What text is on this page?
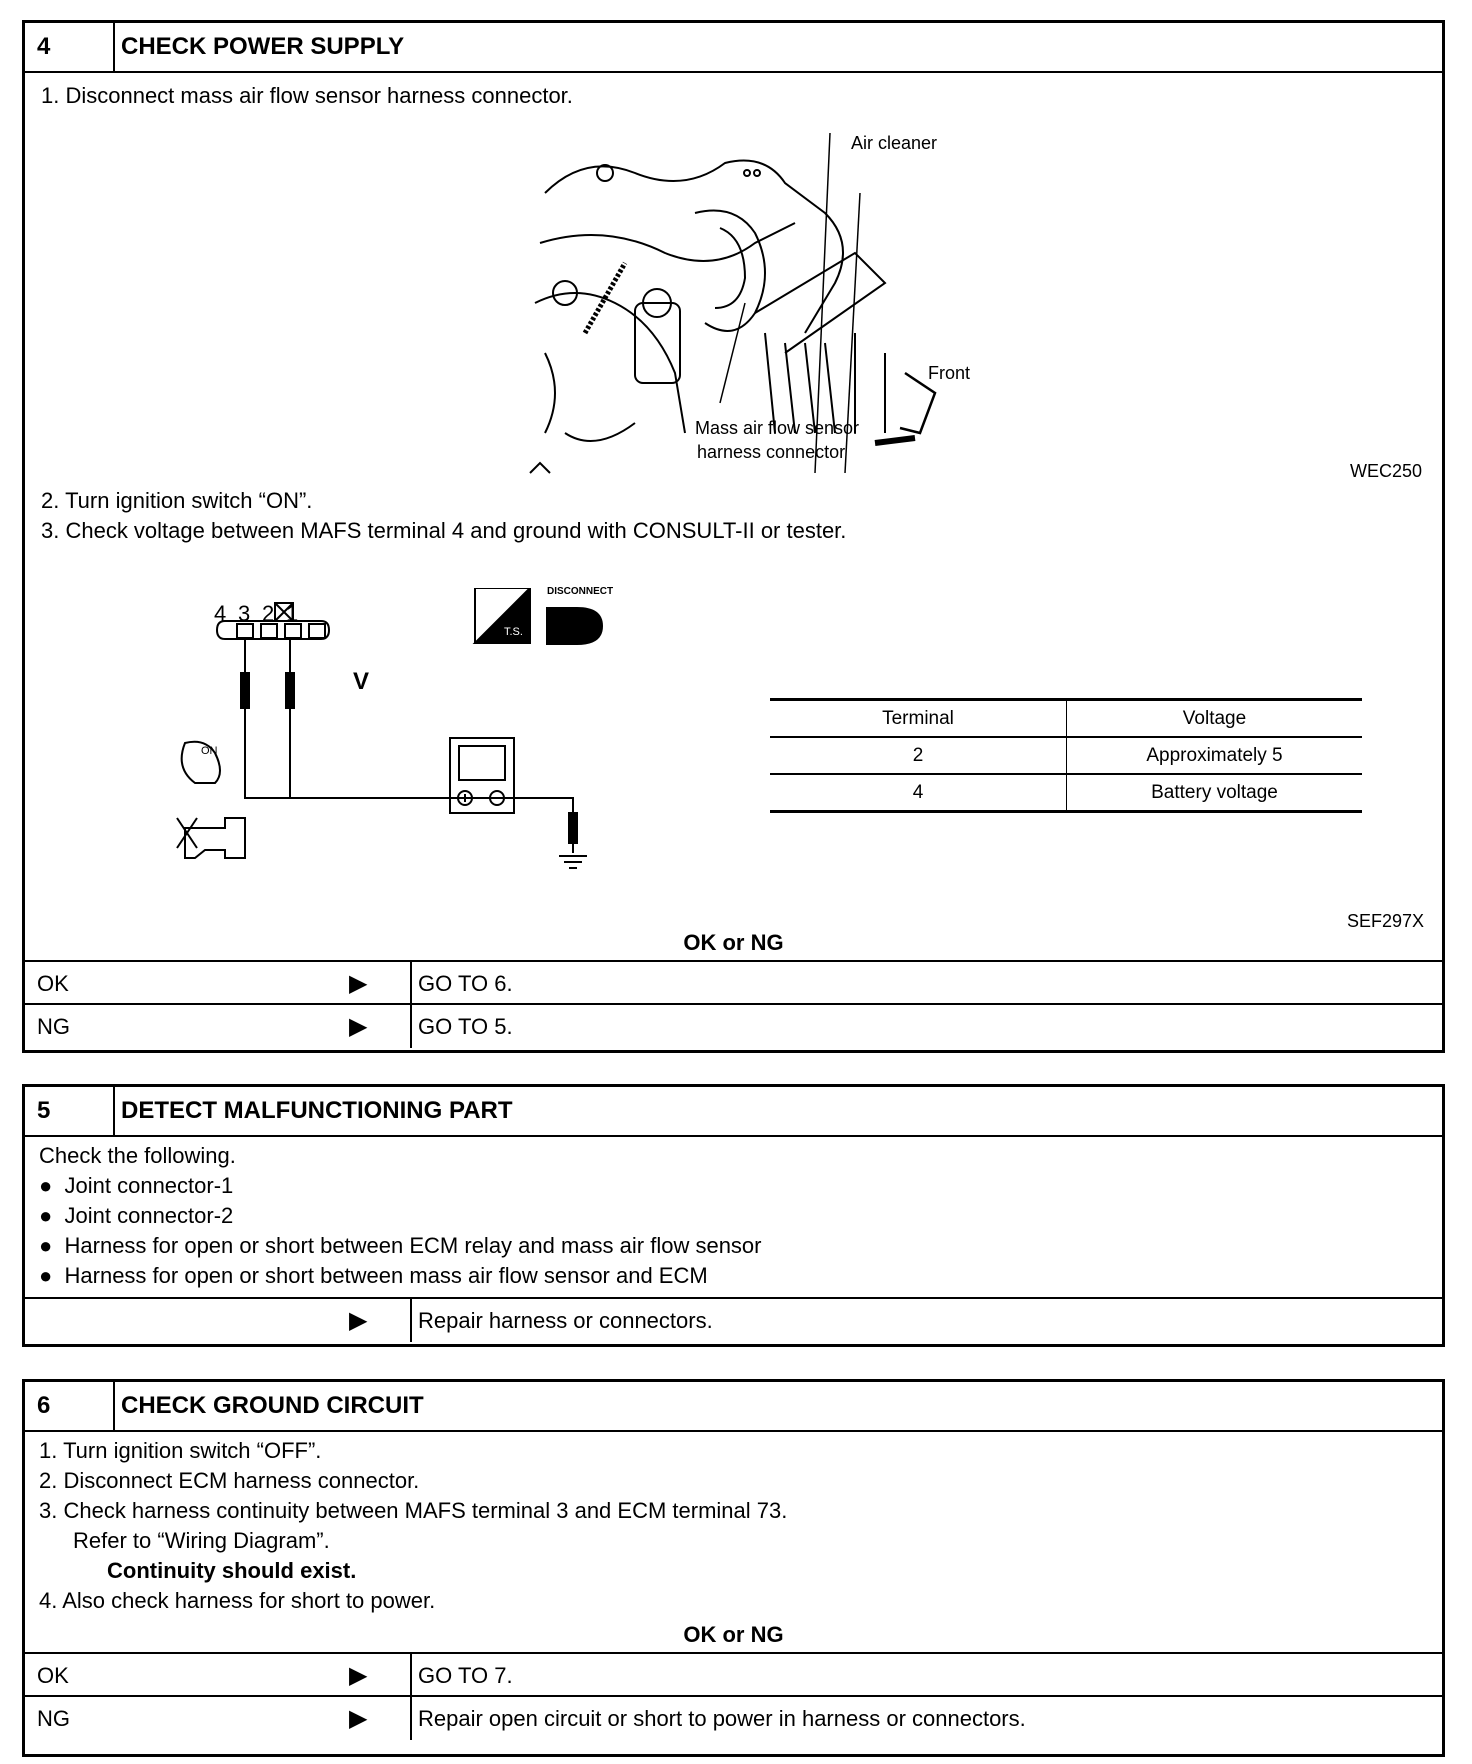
4	CHECK POWER SUPPLY
1. Disconnect mass air flow sensor harness connector.
Air cleaner
Front
Mass air flow sensor
harness connector
WEC250
2. Turn ignition switch “ON”.
3. Check voltage between MAFS terminal 4 and ground with CONSULT-II or tester.
V
ON
T.S.
DISCONNECT
Terminal	Voltage
2	Approximately 5
4	Battery voltage
SEF297X
OK or NG
OK	▶ GO TO 6.
NG	▶ GO TO 5.
5	DETECT MALFUNCTIONING PART
Check the following.
●  Joint connector-1
●  Joint connector-2
●  Harness for open or short between ECM relay and mass air flow sensor
●  Harness for open or short between mass air flow sensor and ECM
▶ Repair harness or connectors.
6	CHECK GROUND CIRCUIT
1. Turn ignition switch “OFF”.
2. Disconnect ECM harness connector.
3. Check harness continuity between MAFS terminal 3 and ECM terminal 73.
Refer to “Wiring Diagram”.
Continuity should exist.
4. Also check harness for short to power.
OK or NG
OK	▶ GO TO 7.
NG	▶ Repair open circuit or short to power in harness or connectors.
4 3 2 1
